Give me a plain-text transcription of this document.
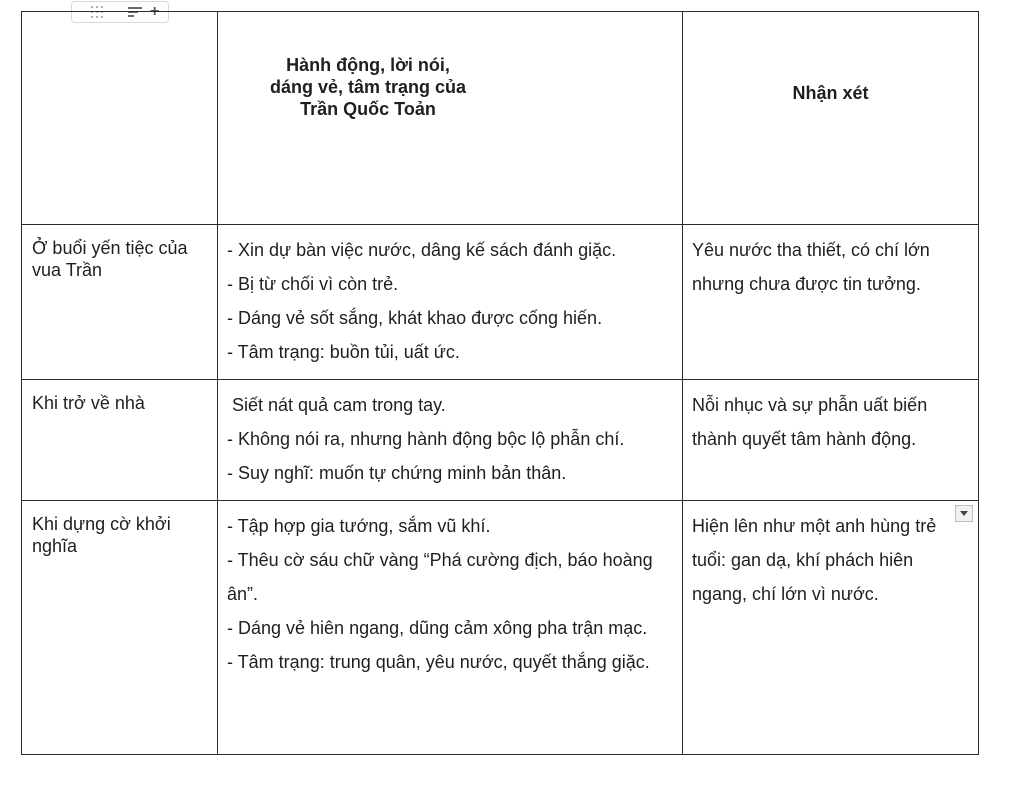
+

	Hành động, lời nói,
dáng vẻ, tâm trạng của
Trần Quốc Toản	Nhận xét

Ở buổi yến tiệc của vua Trần	- Xin dự bàn việc nước, dâng kế sách đánh giặc.
- Bị từ chối vì còn trẻ.
- Dáng vẻ sốt sắng, khát khao được cống hiến.
- Tâm trạng: buồn tủi, uất ức.	Yêu nước tha thiết, có chí lớn nhưng chưa được tin tưởng.

Khi trở về nhà	Siết nát quả cam trong tay.
- Không nói ra, nhưng hành động bộc lộ phẫn chí.
- Suy nghĩ: muốn tự chứng minh bản thân.	Nỗi nhục và sự phẫn uất biến thành quyết tâm hành động.

Khi dựng cờ khởi nghĩa	- Tập hợp gia tướng, sắm vũ khí.
- Thêu cờ sáu chữ vàng “Phá cường địch, báo hoàng ân”.
- Dáng vẻ hiên ngang, dũng cảm xông pha trận mạc.
- Tâm trạng: trung quân, yêu nước, quyết thắng giặc.	Hiện lên như một anh hùng trẻ tuổi: gan dạ, khí phách hiên ngang, chí lớn vì nước.
